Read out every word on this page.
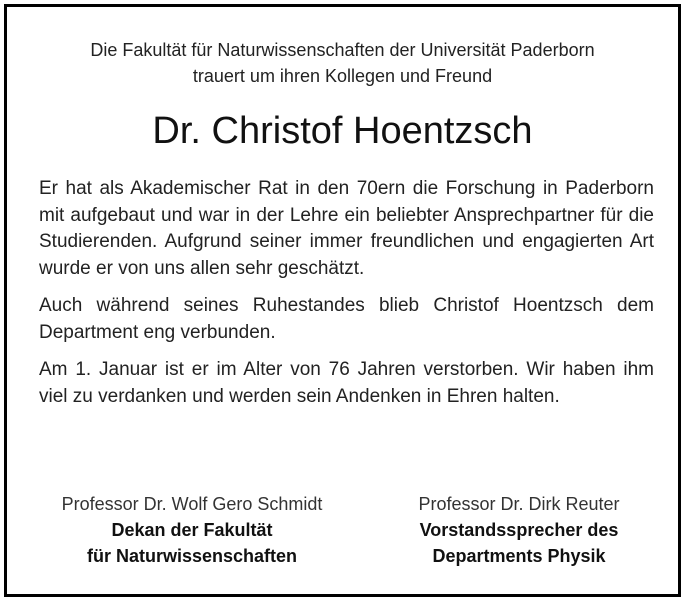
Die Fakultät für Naturwissenschaften der Universität Paderborn
trauert um ihren Kollegen und Freund
Dr. Christof Hoentzsch

Er hat als Akademischer Rat in den 70ern die Forschung in Paderborn mit aufgebaut und war in der Lehre ein beliebter Ansprechpartner für die Studierenden. Aufgrund seiner immer freundlichen und engagierten Art wurde er von uns allen sehr geschätzt.

Auch während seines Ruhestandes blieb Christof Hoentzsch dem Department eng verbunden.

Am 1. Januar ist er im Alter von 76 Jahren verstorben. Wir haben ihm viel zu verdanken und werden sein Andenken in Ehren halten.

Professor Dr. Wolf Gero Schmidt
Dekan der Fakultät
für Naturwissenschaften
Professor Dr. Dirk Reuter
Vorstandssprecher des
Departments Physik
